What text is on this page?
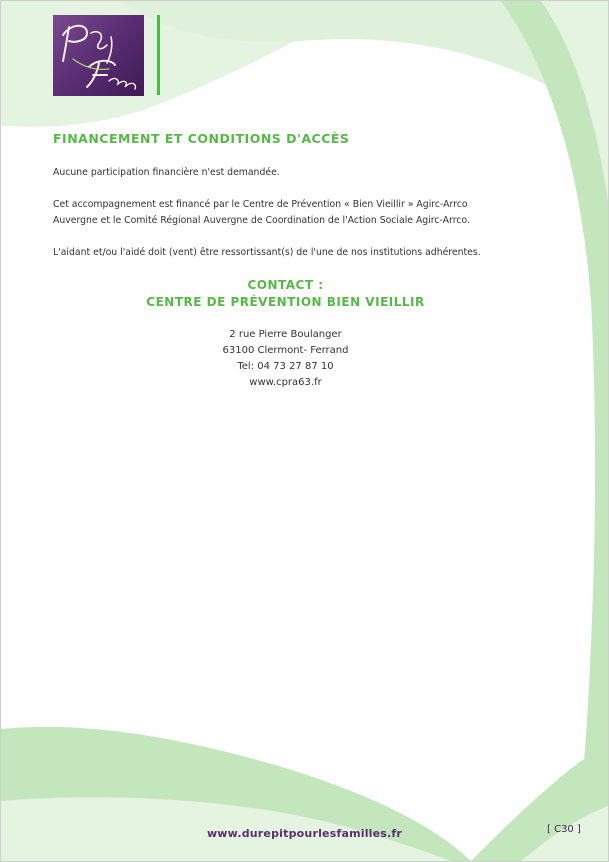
FINANCEMENT ET CONDITIONS D'ACCÈS

Aucune participation financière n'est demandée.

Cet accompagnement est financé par le Centre de Prévention « Bien Vieillir » Agirc-Arrco

Auvergne et le Comité Régional Auvergne de Coordination de l'Action Sociale Agirc-Arrco.

L'aidant et/ou l'aidé doit (vent) être ressortissant(s) de l'une de nos institutions adhérentes.

CONTACT :

CENTRE DE PRÉVENTION BIEN VIEILLIR

2 rue Pierre Boulanger

63100 Clermont- Ferrand

Tel: 04 73 27 87 10

www.cpra63.fr

www.durepitpourlesfamilles.fr	[ C30 ]
